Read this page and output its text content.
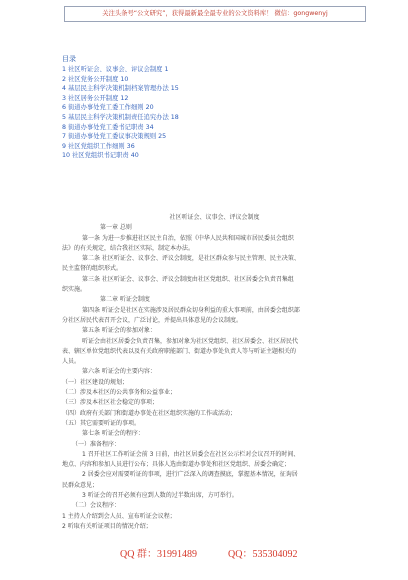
关注头条号“公文研究”，获得最新最全最专业的公文资料库！ 微信：gongwenyj
目录
1 社区听证会、议事会、评议会制度 1
2 社区党务公开制度 10
4 基层民主科学决策机制档案管理办法 15
3 社区居务公开制度 12
6 街道办事处党工委工作细则 20
5 基层民主科学决策机制责任追究办法 18
8 街道办事处党工委书记职责 34
7 街道办事处党工委议事决策规则 25
9 社区党组织工作细则 36
10 社区党组织书记职责 40

社区听证会、议事会、评议会制度

第一章 总则

第一条 为进一步推进社区民主自治，依照《中华人民共和国城市居民委员会组织

法》的有关规定，结合我社区实际，制定本办法。

第二条 社区听证会、议事会、评议会制度，是社区群众参与民主管理、民主决策、

民主监督的组织形式。

第三条 社区听证会、议事会、评议会制度由社区党组织、社区居委会负责召集组

织实施。

第二章 听证会制度

第四条 听证会是社区在实施涉及居民群众切身利益的重大事项前，由居委会组织部

分社区居民代表召开会议，广泛讨论，并提出具体意见的会议制度。

第五条 听证会的参加对象：

听证会由社区居委会负责召集，参加对象为社区党组织、社区居委会、社区居民代

表、辖区单位党组织代表以及有关政府职能部门、街道办事处负责人等与听证主题相关的

人员。

第六条 听证会的主要内容：

（一）社区建设的规划；

（二）涉及本社区的公共事务和公益事业；

（三）涉及本社区社会稳定的事项；

（四）政府有关部门和街道办事处在社区组织实施的工作或活动；

（五）其它需要听证的事项。

第七条 听证会的程序：

（一）准备程序：

1 召开社区工作听证会前 3 日前，由社区居委会在社区公示栏对会议召开的时间、

地点、内容和参加人员进行公布；具体人选由街道办事处和社区党组织、居委会确定；

2 居委会应对需要听证的事项，进行广泛深入的调查摸底，掌握基本情况，征询居

民群众意见；

3 听证会的召开必须有应到人数的过半数出席，方可举行。

（二）会议程序：

1 主持人介绍到会人员、宣布听证会议程；

2 听取有关听证项目的情况介绍；

QQ 群：31991489	QQ：535304092
